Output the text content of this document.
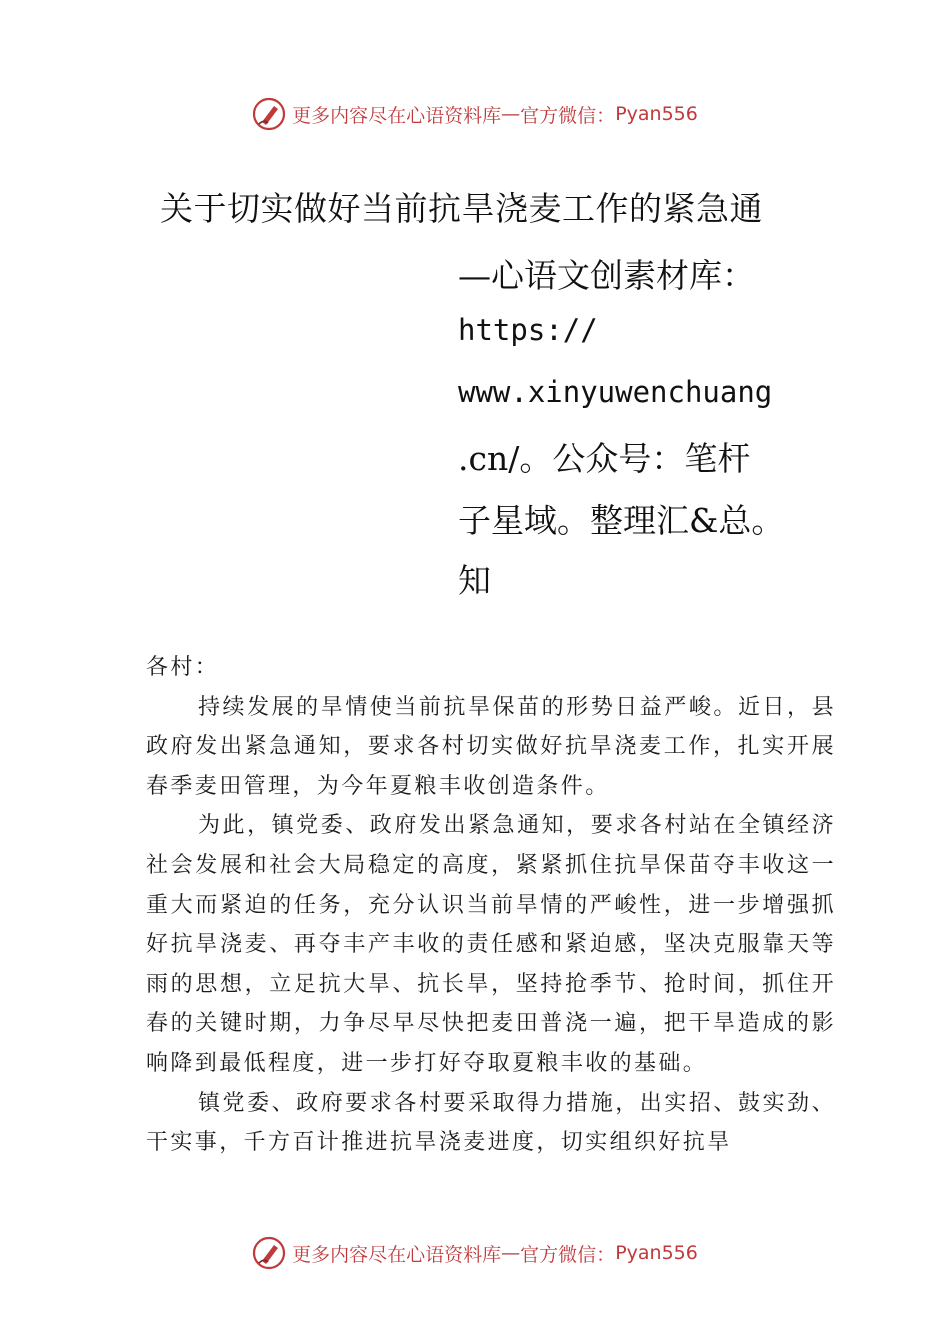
更多内容尽在心语资料库 — 官方微信： Pyan556
关于切实做好当前抗旱浇麦工作的紧急通
—心语文创素材库：
https://
www.xinyuwenchuang
.cn/。公众号：笔杆
子星域。整理汇&总。
知

各村：

持续发展的旱情使当前抗旱保苗的形势日益严峻。近日，县政府发出紧急通知，要求各村切实做好抗旱浇麦工作，扎实开展春季麦田管理，为今年夏粮丰收创造条件。

为此，镇党委、政府发出紧急通知，要求各村站在全镇经济社会发展和社会大局稳定的高度，紧紧抓住抗旱保苗夺丰收这一重大而紧迫的任务，充分认识当前旱情的严峻性，进一步增强抓好抗旱浇麦、再夺丰产丰收的责任感和紧迫感，坚决克服靠天等雨的思想，立足抗大旱、抗长旱，坚持抢季节、抢时间，抓住开春的关键时期，力争尽早尽快把麦田普浇一遍，把干旱造成的影响降到最低程度，进一步打好夺取夏粮丰收的基础。

镇党委、政府要求各村要采取得力措施，出实招、鼓实劲、干实事，千方百计推进抗旱浇麦进度，切实组织好抗旱

更多内容尽在心语资料库 — 官方微信： Pyan556
